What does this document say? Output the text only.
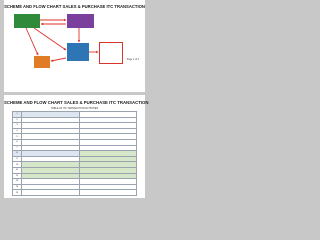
SCHEME AND FLOW CHART SALES & PURCHASE ITC TRANSACTION
Page 1 of 4
SCHEME AND FLOW CHART SALES & PURCHASE ITC TRANSACTION
TABLE OF ITC TRANSACTION ACTIVITIES
1		
2		
3		
4		
5		
6		
7		
8		
9		
10		
11		
12		
13		
14		
15		
